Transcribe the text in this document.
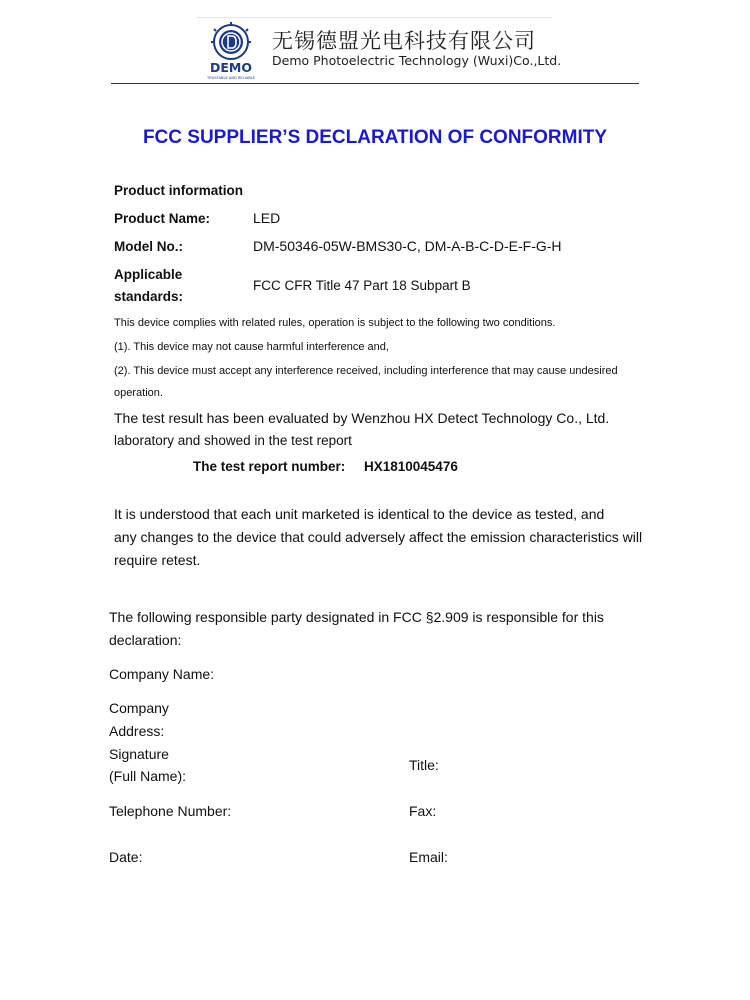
DEMO
TRUSTABLE AND RELIABLE
无锡德盟光电科技有限公司
Demo Photoelectric Technology (Wuxi)Co.,Ltd.
FCC SUPPLIER’S DECLARATION OF CONFORMITY
Product information
Product Name:	LED
Model No.:	DM-50346-05W-BMS30-C, DM-A-B-C-D-E-F-G-H
Applicable
standards:
FCC CFR Title 47 Part 18 Subpart B
This device complies with related rules, operation is subject to the following two conditions.
(1). This device may not cause harmful interference and,
(2). This device must accept any interference received, including interference that may cause undesired
operation.
The test result has been evaluated by Wenzhou HX Detect Technology Co., Ltd.
laboratory and showed in the test report
The test report number: HX1810045476
It is understood that each unit marketed is identical to the device as tested, and
any changes to the device that could adversely affect the emission characteristics will
require retest.
The following responsible party designated in FCC §2.909 is responsible for this
declaration:
Company Name:
Company
Address:
Signature
(Full Name):
Title:
Telephone Number:	Fax:
Date:	Email:
